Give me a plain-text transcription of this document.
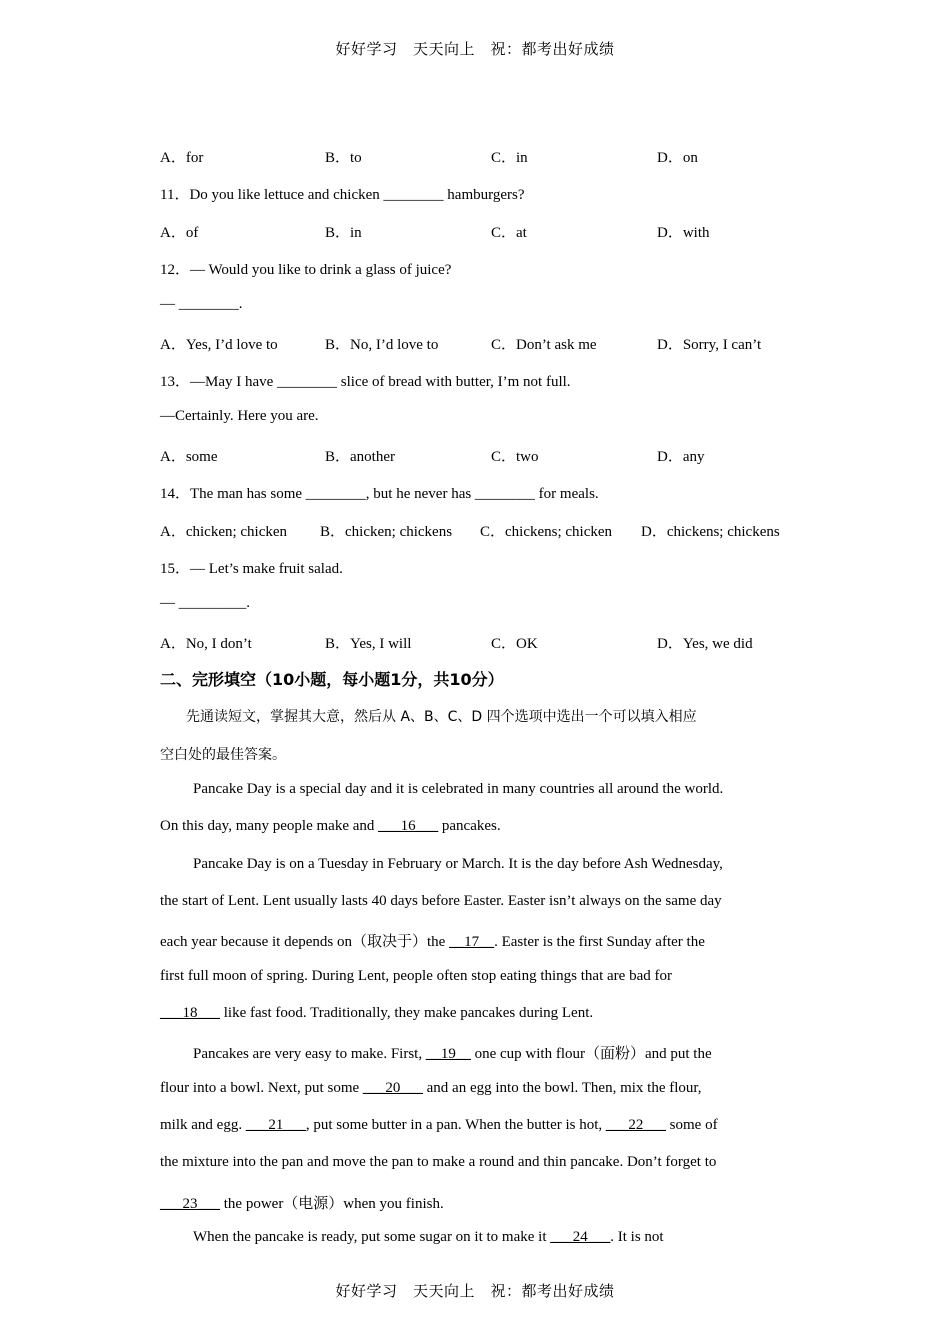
好好学习　天天向上　祝：都考出好成绩
A．for	B．to	C．in	D．on
11．Do you like lettuce and chicken ________ hamburgers?
A．of	B．in	C．at	D．with
12．— Would you like to drink a glass of juice?
— ________.
A．Yes, I’d love to	B．No, I’d love to	C．Don’t ask me	D．Sorry, I can’t
13．—May I have ________ slice of bread with butter, I’m not full.
—Certainly. Here you are.
A．some	B．another	C．two	D．any
14．The man has some ________, but he never has ________ for meals.
A．chicken; chicken B．chicken; chickens C．chickens; chicken D．chickens; chickens
15．— Let’s make fruit salad.
— _________.
A．No, I don’t	B．Yes, I will	C．OK	D．Yes, we did
二、完形填空（10小题，每小题1分，共10分）
先通读短文，掌握其大意，然后从 A、B、C、D 四个选项中选出一个可以填入相应
空白处的最佳答案。
Pancake Day is a special day and it is celebrated in many countries all around the world.
On this day, many people make and ___16___ pancakes.
Pancake Day is on a Tuesday in February or March. It is the day before Ash Wednesday,
the start of Lent. Lent usually lasts 40 days before Easter. Easter isn’t always on the same day
each year because it depends on（取决于）the __17__. Easter is the first Sunday after the
first full moon of spring. During Lent, people often stop eating things that are bad for
___18___ like fast food. Traditionally, they make pancakes during Lent.
Pancakes are very easy to make. First, __19__ one cup with flour（面粉）and put the
flour into a bowl. Next, put some ___20___ and an egg into the bowl. Then, mix the flour,
milk and egg. ___21___, put some butter in a pan. When the butter is hot, ___22___ some of
the mixture into the pan and move the pan to make a round and thin pancake. Don’t forget to
___23___ the power（电源）when you finish.
When the pancake is ready, put some sugar on it to make it ___24___. It is not
好好学习　天天向上　祝：都考出好成绩
